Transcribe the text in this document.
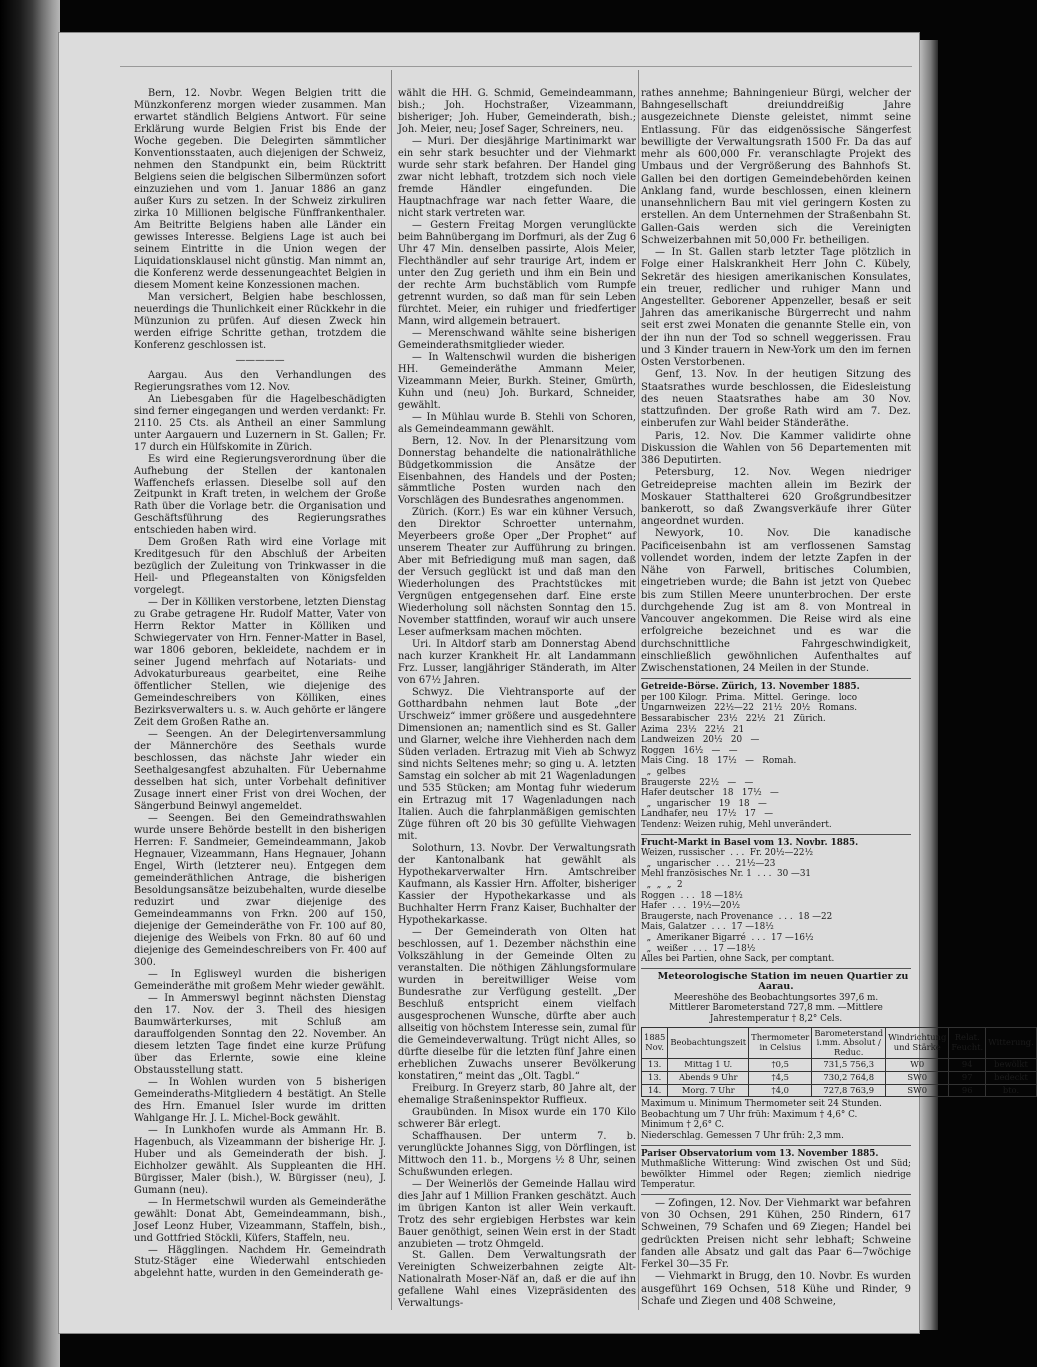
Bern, 12. Novbr. Wegen Belgien tritt die Münzkonferenz morgen wieder zusammen. Man erwartet ständlich Belgiens Antwort. Für seine Erklärung wurde Belgien Frist bis Ende der Woche gegeben. Die Delegirten sämmtlicher Konventionsstaaten, auch diejenigen der Schweiz, nehmen den Standpunkt ein, beim Rücktritt Belgiens seien die belgischen Silbermünzen sofort einzuziehen und vom 1. Januar 1886 an ganz außer Kurs zu setzen. In der Schweiz zirkuliren zirka 10 Millionen belgische Fünffrankenthaler. Am Beitritte Belgiens haben alle Länder ein gewisses Interesse. Belgiens Lage ist auch bei seinem Eintritte in die Union wegen der Liquidationsklausel nicht günstig. Man nimmt an, die Konferenz werde dessenungeachtet Belgien in diesem Moment keine Konzessionen machen.

Man versichert, Belgien habe beschlossen, neuerdings die Thunlichkeit einer Rückkehr in die Münzunion zu prüfen. Auf diesen Zweck hin werden eifrige Schritte gethan, trotzdem die Konferenz geschlossen ist.

—————

Aargau. Aus den Verhandlungen des Regierungsrathes vom 12. Nov.

An Liebesgaben für die Hagelbeschädigten sind ferner eingegangen und werden verdankt: Fr. 2110. 25 Cts. als Antheil an einer Sammlung unter Aargauern und Luzernern in St. Gallen; Fr. 17 durch ein Hülfskomite in Zürich.

Es wird eine Regierungsverordnung über die Aufhebung der Stellen der kantonalen Waffenchefs erlassen. Dieselbe soll auf den Zeitpunkt in Kraft treten, in welchem der Große Rath über die Vorlage betr. die Organisation und Geschäftsführung des Regierungsrathes entschieden haben wird.

Dem Großen Rath wird eine Vorlage mit Kreditgesuch für den Abschluß der Arbeiten bezüglich der Zuleitung von Trinkwasser in die Heil- und Pflegeanstalten von Königsfelden vorgelegt.

— Der in Kölliken verstorbene, letzten Dienstag zu Grabe getragene Hr. Rudolf Matter, Vater von Herrn Rektor Matter in Kölliken und Schwiegervater von Hrn. Fenner-Matter in Basel, war 1806 geboren, bekleidete, nachdem er in seiner Jugend mehrfach auf Notariats- und Advokaturbureaus gearbeitet, eine Reihe öffentlicher Stellen, wie diejenige des Gemeindeschreibers von Kölliken, eines Bezirksverwalters u. s. w. Auch gehörte er längere Zeit dem Großen Rathe an.

— Seengen. An der Delegirtenversammlung der Männerchöre des Seethals wurde beschlossen, das nächste Jahr wieder ein Seethalgesangfest abzuhalten. Für Uebernahme desselben hat sich, unter Vorbehalt definitiver Zusage innert einer Frist von drei Wochen, der Sängerbund Beinwyl angemeldet.

— Seengen. Bei den Gemeindrathswahlen wurde unsere Behörde bestellt in den bisherigen Herren: F. Sandmeier, Gemeindeammann, Jakob Hegnauer, Vizeammann, Hans Hegnauer, Johann Engel, Wirth (letzterer neu). Entgegen dem gemeinderäthlichen Antrage, die bisherigen Besoldungsansätze beizubehalten, wurde dieselbe reduzirt und zwar diejenige des Gemeindeammanns von Frkn. 200 auf 150, diejenige der Gemeinderäthe von Fr. 100 auf 80, diejenige des Weibels von Frkn. 80 auf 60 und diejenige des Gemeindeschreibers von Fr. 400 auf 300.

— In Eglisweyl wurden die bisherigen Gemeinderäthe mit großem Mehr wieder gewählt.

— In Ammerswyl beginnt nächsten Dienstag den 17. Nov. der 3. Theil des hiesigen Baumwärterkurses, mit Schluß am darauffolgenden Sonntag den 22. November. An diesem letzten Tage findet eine kurze Prüfung über das Erlernte, sowie eine kleine Obstausstellung statt.

— In Wohlen wurden von 5 bisherigen Gemeinderaths-Mitgliedern 4 bestätigt. An Stelle des Hrn. Emanuel Isler wurde im dritten Wahlgange Hr. J. L. Michel-Bock gewählt.

— In Lunkhofen wurde als Ammann Hr. B. Hagenbuch, als Vizeammann der bisherige Hr. J. Huber und als Gemeinderath der bish. J. Eichholzer gewählt. Als Suppleanten die HH. Bürgisser, Maler (bish.), W. Bürgisser (neu), J. Gumann (neu).

— In Hermetschwil wurden als Gemeinderäthe gewählt: Donat Abt, Gemeindeammann, bish., Josef Leonz Huber, Vizeammann, Staffeln, bish., und Gottfried Stöckli, Küfers, Staffeln, neu.

— Hägglingen. Nachdem Hr. Gemeindrath Stutz-Stäger eine Wiederwahl entschieden abgelehnt hatte, wurden in den Gemeinderath ge-

wählt die HH. G. Schmid, Gemeindeammann, bish.; Joh. Hochstraßer, Vizeammann, bisheriger; Joh. Huber, Gemeinderath, bish.; Joh. Meier, neu; Josef Sager, Schreiners, neu.

— Muri. Der diesjährige Martinimarkt war ein sehr stark besuchter und der Viehmarkt wurde sehr stark befahren. Der Handel ging zwar nicht lebhaft, trotzdem sich noch viele fremde Händler eingefunden. Die Hauptnachfrage war nach fetter Waare, die nicht stark vertreten war.

— Gestern Freitag Morgen verunglückte beim Bahnübergang im Dorfmuri, als der Zug 6 Uhr 47 Min. denselben passirte, Alois Meier, Flechthändler auf sehr traurige Art, indem er unter den Zug gerieth und ihm ein Bein und der rechte Arm buchstäblich vom Rumpfe getrennt wurden, so daß man für sein Leben fürchtet. Meier, ein ruhiger und friedfertiger Mann, wird allgemein betrauert.

— Merenschwand wählte seine bisherigen Gemeinderathsmitglieder wieder.

— In Waltenschwil wurden die bisherigen HH. Gemeinderäthe Ammann Meier, Vizeammann Meier, Burkh. Steiner, Gmürth, Kuhn und (neu) Joh. Burkard, Schneider, gewählt.

— In Mühlau wurde B. Stehli von Schoren, als Gemeindeammann gewählt.

Bern, 12. Nov. In der Plenarsitzung vom Donnerstag behandelte die nationalräthliche Büdgetkommission die Ansätze der Eisenbahnen, des Handels und der Posten; sämmtliche Posten wurden nach den Vorschlägen des Bundesrathes angenommen.

Zürich. (Korr.) Es war ein kühner Versuch, den Direktor Schroetter unternahm, Meyerbeers große Oper „Der Prophet“ auf unserem Theater zur Aufführung zu bringen. Aber mit Befriedigung muß man sagen, daß der Versuch geglückt ist und daß man den Wiederholungen des Prachtstückes mit Vergnügen entgegensehen darf. Eine erste Wiederholung soll nächsten Sonntag den 15. November stattfinden, worauf wir auch unsere Leser aufmerksam machen möchten.

Uri. In Altdorf starb am Donnerstag Abend nach kurzer Krankheit Hr. alt Landammann Frz. Lusser, langjähriger Ständerath, im Alter von 67½ Jahren.

Schwyz. Die Viehtransporte auf der Gotthardbahn nehmen laut Bote „der Urschweiz“ immer größere und ausgedehntere Dimensionen an; namentlich sind es St. Galler und Glarner, welche ihre Viehherden nach dem Süden verladen. Ertrazug mit Vieh ab Schwyz sind nichts Seltenes mehr; so ging u. A. letzten Samstag ein solcher ab mit 21 Wagenladungen und 535 Stücken; am Montag fuhr wiederum ein Ertrazug mit 17 Wagenladungen nach Italien. Auch die fahrplanmäßigen gemischten Züge führen oft 20 bis 30 gefüllte Viehwagen mit.

Solothurn, 13. Novbr. Der Verwaltungsrath der Kantonalbank hat gewählt als Hypothekarverwalter Hrn. Amtschreiber Kaufmann, als Kassier Hrn. Affolter, bisheriger Kassier der Hypothekarkasse und als Buchhalter Herrn Franz Kaiser, Buchhalter der Hypothekarkasse.

— Der Gemeinderath von Olten hat beschlossen, auf 1. Dezember nächsthin eine Volkszählung in der Gemeinde Olten zu veranstalten. Die nöthigen Zählungsformulare wurden in bereitwilliger Weise vom Bundesrathe zur Verfügung gestellt. „Der Beschluß entspricht einem vielfach ausgesprochenen Wunsche, dürfte aber auch allseitig von höchstem Interesse sein, zumal für die Gemeindeverwaltung. Trügt nicht Alles, so dürfte dieselbe für die letzten fünf Jahre einen erheblichen Zuwachs unserer Bevölkerung konstatiren,“ meint das „Olt. Tagbl.“

Freiburg. In Greyerz starb, 80 Jahre alt, der ehemalige Straßeninspektor Ruffieux.

Graubünden. In Misox wurde ein 170 Kilo schwerer Bär erlegt.

Schaffhausen. Der unterm 7. b. verunglückte Johannes Sigg, von Dörflingen, ist Mittwoch den 11. b., Morgens ½ 8 Uhr, seinen Schußwunden erlegen.

— Der Weinerlös der Gemeinde Hallau wird dies Jahr auf 1 Million Franken geschätzt. Auch im übrigen Kanton ist aller Wein verkauft. Trotz des sehr ergiebigen Herbstes war kein Bauer genöthigt, seinen Wein erst in der Stadt anzubieten — trotz Ohmgeld.

St. Gallen. Dem Verwaltungsrath der Vereinigten Schweizerbahnen zeigte Alt-Nationalrath Moser-Näf an, daß er die auf ihn gefallene Wahl eines Vizepräsidenten des Verwaltungs-

rathes annehme; Bahningenieur Bürgi, welcher der Bahngesellschaft dreiunddreißig Jahre ausgezeichnete Dienste geleistet, nimmt seine Entlassung. Für das eidgenössische Sängerfest bewilligte der Verwaltungsrath 1500 Fr. Da das auf mehr als 600,000 Fr. veranschlagte Projekt des Umbaus und der Vergrößerung des Bahnhofs St. Gallen bei den dortigen Gemeindebehörden keinen Anklang fand, wurde beschlossen, einen kleinern unansehnlichern Bau mit viel geringern Kosten zu erstellen. An dem Unternehmen der Straßenbahn St. Gallen-Gais werden sich die Vereinigten Schweizerbahnen mit 50,000 Fr. betheiligen.

— In St. Gallen starb letzter Tage plötzlich in Folge einer Halskrankheit Herr John C. Kübely, Sekretär des hiesigen amerikanischen Konsulates, ein treuer, redlicher und ruhiger Mann und Angestellter. Geborener Appenzeller, besaß er seit Jahren das amerikanische Bürgerrecht und nahm seit erst zwei Monaten die genannte Stelle ein, von der ihn nun der Tod so schnell weggerissen. Frau und 3 Kinder trauern in New-York um den im fernen Osten Verstorbenen.

Genf, 13. Nov. In der heutigen Sitzung des Staatsrathes wurde beschlossen, die Eidesleistung des neuen Staatsrathes habe am 30 Nov. stattzufinden. Der große Rath wird am 7. Dez. einberufen zur Wahl beider Ständeräthe.

Paris, 12. Nov. Die Kammer validirte ohne Diskussion die Wahlen von 56 Departementen mit 386 Deputirten.

Petersburg, 12. Nov. Wegen niedriger Getreidepreise machten allein im Bezirk der Moskauer Statthalterei 620 Großgrundbesitzer bankerott, so daß Zwangsverkäufe ihrer Güter angeordnet wurden.

Newyork, 10. Nov. Die kanadische Pacificeisenbahn ist am verflossenen Samstag vollendet worden, indem der letzte Zapfen in der Nähe von Farwell, britisches Columbien, eingetrieben wurde; die Bahn ist jetzt von Quebec bis zum Stillen Meere ununterbrochen. Der erste durchgehende Zug ist am 8. von Montreal in Vancouver angekommen. Die Reise wird als eine erfolgreiche bezeichnet und es war die durchschnittliche Fahrgeschwindigkeit, einschließlich gewöhnlichen Aufenthaltes auf Zwischenstationen, 24 Meilen in der Stunde.

Getreide-Börse. Zürich, 13. November 1885.

per 100 Kilogr.   Prima.   Mittel.   Geringe.   loco

Ungarnweizen   22½—22   21½   20½   Romans.

Bessarabischer   23½   22½   21   Zürich.

Azima   23½   22½   21

Landweizen   20½   20   —

Roggen   16½   —   —

Mais Cing.   18   17½   —   Romah.

„  gelbes

Braugerste   22½   —   —

Hafer deutscher   18   17½   —

„  ungarischer   19   18   —

Landhafer, neu   17½   17   —

Tendenz: Weizen ruhig, Mehl unverändert.

Frucht-Markt in Basel vom 13. Novbr. 1885.

Weizen, russischer  . . .  Fr. 20½—22½

„  ungarischer  . . .  21½—23

Mehl französisches Nr. 1  . . .  30 —31

„  „  „  2

Roggen  . . .  18 —18½

Hafer  . . .  19½—20½

Braugerste, nach Provenance  . . .  18 —22

Mais, Galatzer  . . .  17 —18½

„  Amerikaner Bigarré  . . .  17 —16½

„  weißer  . . .  17 —18½

Alles bei Partien, ohne Sack, per comptant.

Meteorologische Station im neuen Quartier zu Aarau.

Meereshöhe des Beobachtungsortes 397,6 m.

Mittlerer Barometerstand 727,8 mm. —Mittlere Jahrestemperatur † 8,2° Cels.

1885 Nov.	Beobachtungszeit	Thermometer in Celsius	Barometerstand i.mm. Absolut / Reduc.	Windrichtung und Stärke	Relat. Feucht.	Witterung.
13.	Mittag 1 U.	†0,5	731,5 756,3	W0	94	bewölkt
13.	Abends 9 Uhr	†4,5	730,2 764,8	SW0	97	bedeckt
14.	Morg. 7 Uhr	†4,0	727,8 763,9	SW0	96	bto.

Maximum u. Minimum Thermometer seit 24 Stunden.

Beobachtung um 7 Uhr früh: Maximum † 4,6° C.

Minimum † 2,6° C.

Niederschlag. Gemessen 7 Uhr früh: 2,3 mm.

Pariser Observatorium vom 13. November 1885.

Muthmaßliche Witterung: Wind zwischen Ost und Süd; bewölkter Himmel oder Regen; ziemlich niedrige Temperatur.

— Zofingen, 12. Nov. Der Viehmarkt war befahren von 30 Ochsen, 291 Kühen, 250 Rindern, 617 Schweinen, 79 Schafen und 69 Ziegen; Handel bei gedrückten Preisen nicht sehr lebhaft; Schweine fanden alle Absatz und galt das Paar 6—7wöchige Ferkel 30—35 Fr.

— Viehmarkt in Brugg, den 10. Novbr. Es wurden ausgeführt 169 Ochsen, 518 Kühe und Rinder, 9 Schafe und Ziegen und 408 Schweine,
